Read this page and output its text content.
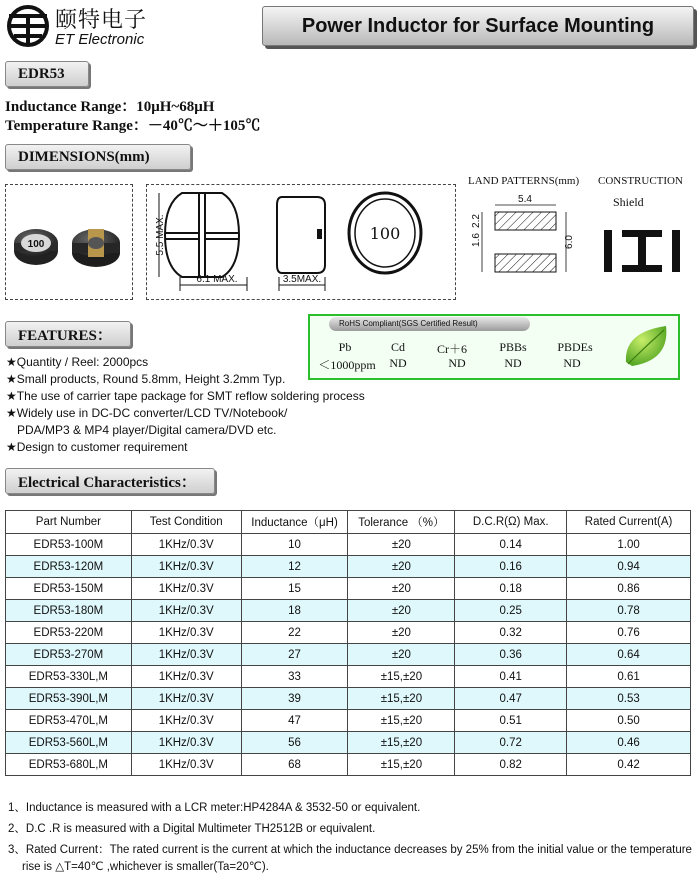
颐特电子
ET Electronic
Power Inductor for Surface Mounting
EDR53
Inductance Range：10μH~68μH
Temperature Range：－40℃～＋105℃
DIMENSIONS(mm)
100	5.5 MAX.
6.1 MAX.	3.5MAX.
100
LAND PATTERNS(mm)
5.4
2.2
1.6	6.0
CONSTRUCTION
Shield
FEATURES：
RoHS Compliant(SGS Certified Result)
Pb	Cd	Cr＋6	PBBs	PBDEs
＜1000ppm	ND	ND	ND	ND
★Quantity / Reel: 2000pcs
★Small products, Round 5.8mm, Height 3.2mm Typ.
★The use of carrier tape package for SMT reflow soldering process
★Widely use in DC-DC converter/LCD TV/Notebook/
PDA/MP3 & MP4 player/Digital camera/DVD etc.
★Design to customer requirement
Electrical Characteristics：
Part Number	Test Condition	Inductance（μH)	Tolerance （%）	D.C.R(Ω) Max.	Rated Current(A)
EDR53-100M	1KHz/0.3V	10	±20	0.14	1.00
EDR53-120M	1KHz/0.3V	12	±20	0.16	0.94
EDR53-150M	1KHz/0.3V	15	±20	0.18	0.86
EDR53-180M	1KHz/0.3V	18	±20	0.25	0.78
EDR53-220M	1KHz/0.3V	22	±20	0.32	0.76
EDR53-270M	1KHz/0.3V	27	±20	0.36	0.64
EDR53-330L,M	1KHz/0.3V	33	±15,±20	0.41	0.61
EDR53-390L,M	1KHz/0.3V	39	±15,±20	0.47	0.53
EDR53-470L,M	1KHz/0.3V	47	±15,±20	0.51	0.50
EDR53-560L,M	1KHz/0.3V	56	±15,±20	0.72	0.46
EDR53-680L,M	1KHz/0.3V	68	±15,±20	0.82	0.42
1、Inductance is measured with a LCR meter:HP4284A & 3532-50 or equivalent.
2、D.C .R is measured with a Digital Multimeter TH2512B or equivalent.
3、Rated Current：The rated current is the current at which the inductance decreases by 25% from the initial value or the temperature
rise is △T=40℃ ,whichever is smaller(Ta=20℃).
